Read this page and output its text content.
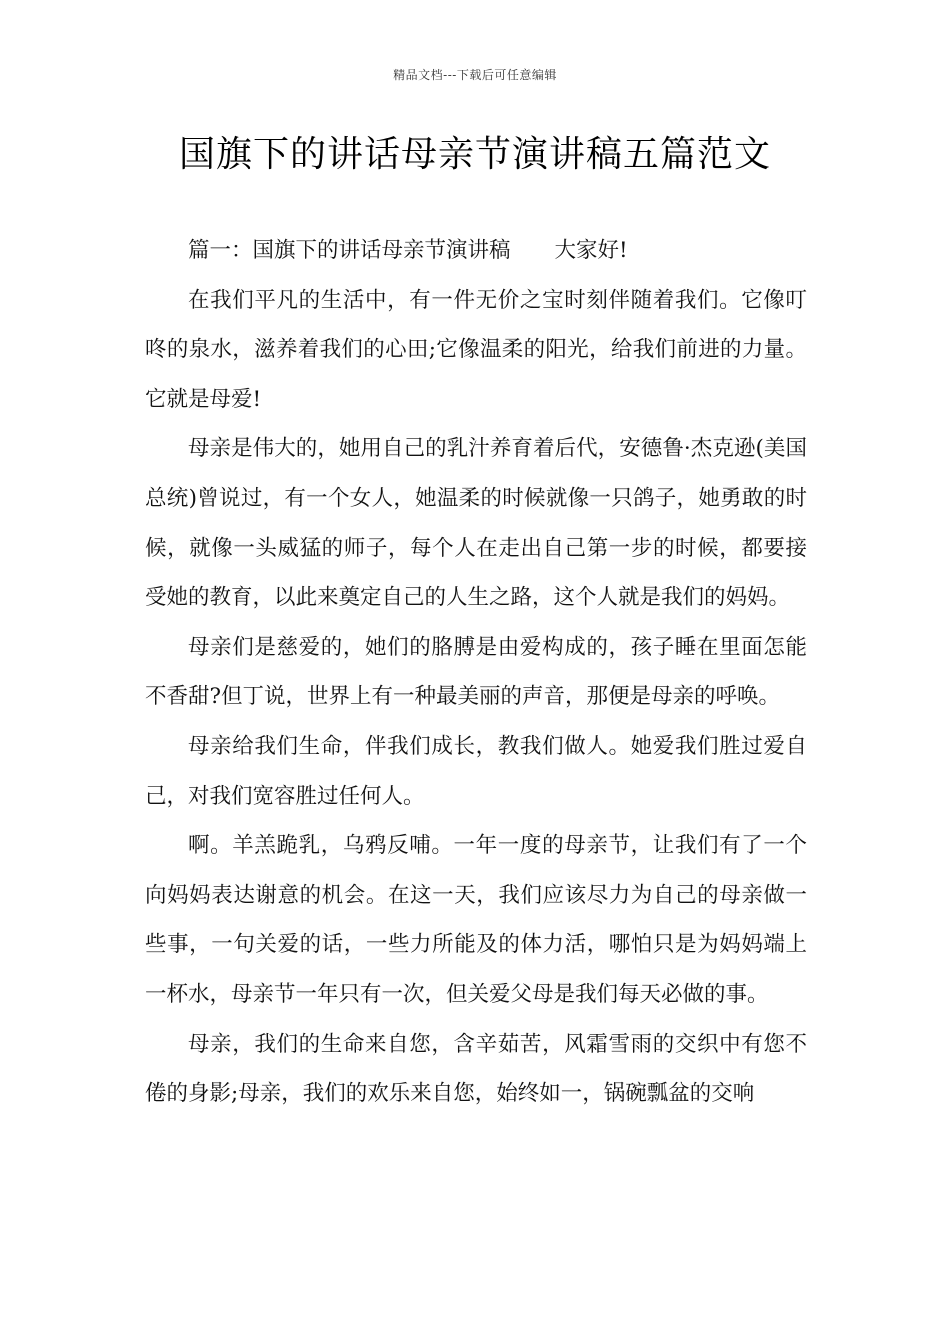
精品文档---下载后可任意编辑
国旗下的讲话母亲节演讲稿五篇范文

篇一：国旗下的讲话母亲节演讲稿 大家好!

在我们平凡的生活中，有一件无价之宝时刻伴随着我们。它像叮咚的泉水，滋养着我们的心田;它像温柔的阳光，给我们前进的力量。它就是母爱!

母亲是伟大的，她用自己的乳汁养育着后代，安德鲁·杰克逊(美国总统)曾说过，有一个女人，她温柔的时候就像一只鸽子，她勇敢的时候，就像一头威猛的师子，每个人在走出自己第一步的时候，都要接受她的教育，以此来奠定自己的人生之路，这个人就是我们的妈妈。

母亲们是慈爱的，她们的胳膊是由爱构成的，孩子睡在里面怎能不香甜?但丁说，世界上有一种最美丽的声音，那便是母亲的呼唤。

母亲给我们生命，伴我们成长，教我们做人。她爱我们胜过爱自己，对我们宽容胜过任何人。

啊。羊羔跪乳，乌鸦反哺。一年一度的母亲节，让我们有了一个向妈妈表达谢意的机会。在这一天，我们应该尽力为自己的母亲做一些事，一句关爱的话，一些力所能及的体力活，哪怕只是为妈妈端上一杯水，母亲节一年只有一次，但关爱父母是我们每天必做的事。

母亲，我们的生命来自您，含辛茹苦，风霜雪雨的交织中有您不倦的身影;母亲，我们的欢乐来自您，始终如一，锅碗瓢盆的交响
